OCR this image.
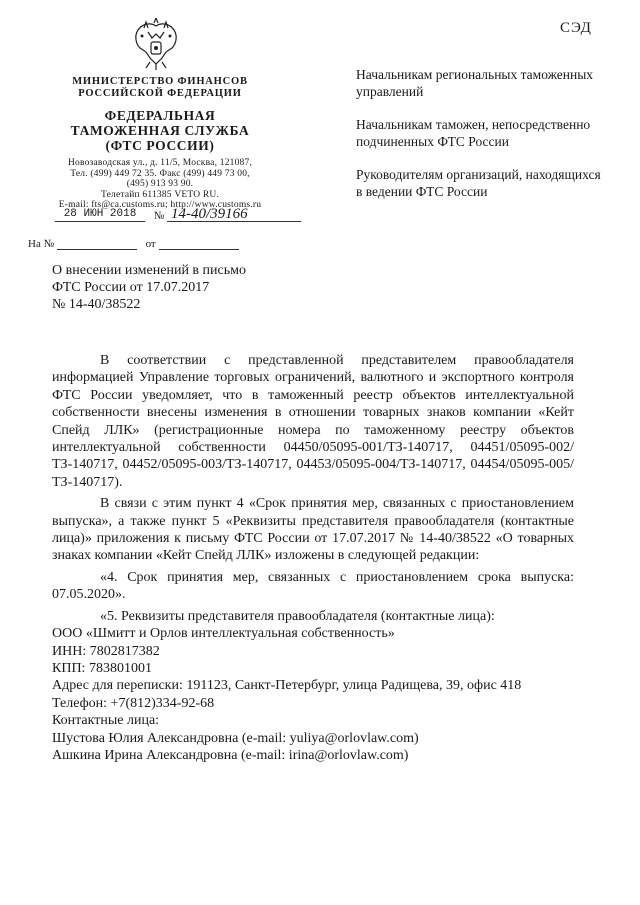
СЭД
МИНИСТЕРСТВО ФИНАНСОВ
РОССИЙСКОЙ ФЕДЕРАЦИИ
ФЕДЕРАЛЬНАЯ
ТАМОЖЕННАЯ СЛУЖБА
(ФТС РОССИИ)
Новозаводская ул., д. 11/5, Москва, 121087,
Тел. (499) 449 72 35. Факс (499) 449 73 00,
(495) 913 93 90.
Телетайп 611385 VETO RU.
E-mail: fts@ca.customs.ru; http://www.customs.ru
28 ИЮН 2018 № 14-40/39166
На №	от

Начальникам региональных таможенных управлений

Начальникам таможен, непосредственно подчиненных ФТС России

Руководителям организаций, находящихся в ведении ФТС России

О внесении изменений в письмо
ФТС России от 17.07.2017
№ 14-40/38522

В соответствии с представленной представителем правообладателя информацией Управление торговых ограничений, валютного и экспортного контроля ФТС России уведомляет, что в таможенный реестр объектов интеллектуальной собственности внесены изменения в отношении товарных знаков компании «Кейт Спейд ЛЛК» (регистрационные номера по таможенному реестру объектов интеллектуальной собственности 04450/05095-001/ТЗ-140717, 04451/05095-002/ТЗ-140717, 04452/05095-003/ТЗ-140717, 04453/05095-004/ТЗ-140717, 04454/05095-005/ТЗ-140717).

В связи с этим пункт 4 «Срок принятия мер, связанных с приостановлением выпуска», а также пункт 5 «Реквизиты представителя правообладателя (контактные лица)» приложения к письму ФТС России от 17.07.2017 № 14-40/38522 «О товарных знаках компании «Кейт Спейд ЛЛК» изложены в следующей редакции:

«4. Срок принятия мер, связанных с приостановлением срока выпуска: 07.05.2020».

«5. Реквизиты представителя правообладателя (контактные лица):

ООО «Шмитт и Орлов интеллектуальная собственность»

ИНН: 7802817382

КПП: 783801001

Адрес для переписки: 191123, Санкт-Петербург, улица Радищева, 39, офис 418

Телефон: +7(812)334-92-68

Контактные лица:

Шустова Юлия Александровна (e-mail: yuliya@orlovlaw.com)

Ашкина Ирина Александровна (e-mail: irina@orlovlaw.com)
